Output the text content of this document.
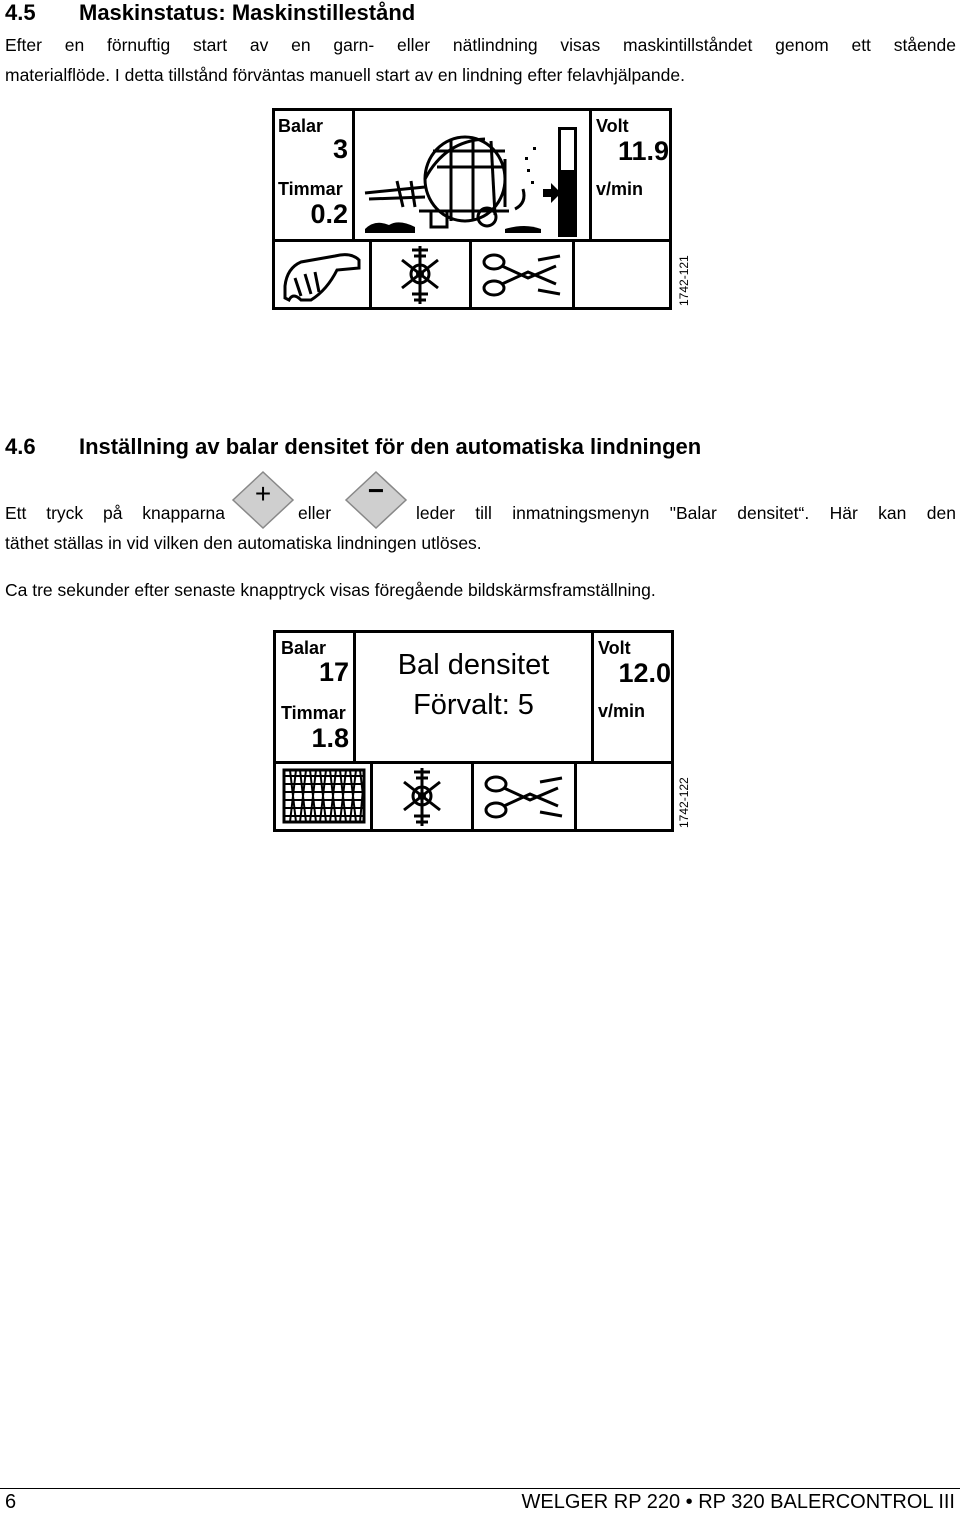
4.5 Maskinstatus: Maskinstillestånd

Efter en förnuftig start av en garn- eller nätlindning visas maskintillståndet genom ett stående
materialflöde. I detta tillstånd förväntas manuell start av en lindning efter felavhjälpande.

Balar
3
Timmar
0.2
Volt
11.9
v/min
1742-121
4.6 Inställning av balar densitet för den automatiska lindningen
+	−
Ett tryck på knapparna	eller	leder till inmatningsmenyn "Balar densitet“. Här kan den
täthet ställas in vid vilken den automatiska lindningen utlöses.

Ca tre sekunder efter senaste knapptryck visas föregående bildskärmsframställning.

Balar
17
Timmar
1.8
Bal densitet
Förvalt: 5
Volt
12.0
v/min
1742-122
6	WELGER RP 220 • RP 320 BALERCONTROL III
